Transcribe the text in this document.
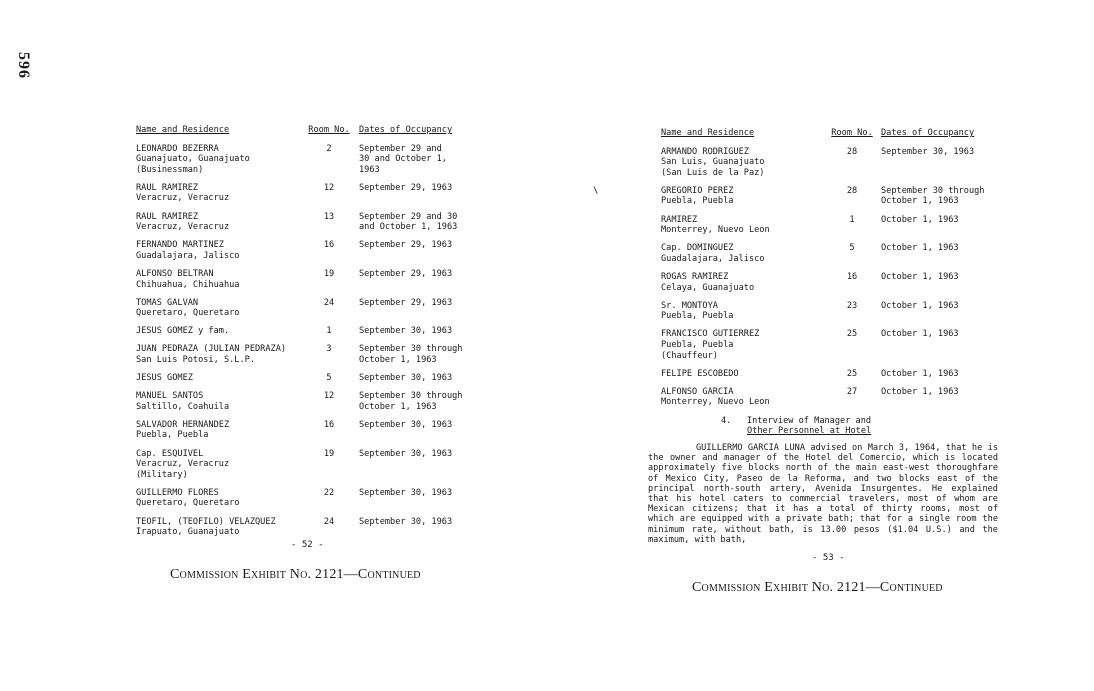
596
Name and Residence	Room No.	Dates of Occupancy
LEONARDO BEZERRA
Guanajuato, Guanajuato
(Businessman)
2	September 29 and
30 and October 1,
1963
RAUL RAMIREZ
Veracruz, Veracruz
12	September 29, 1963
RAUL RAMIREZ
Veracruz, Veracruz
13	September 29 and 30
and October 1, 1963
FERNANDO MARTINEZ
Guadalajara, Jalisco
16	September 29, 1963
ALFONSO BELTRAN
Chihuahua, Chihuahua
19	September 29, 1963
TOMAS GALVAN
Queretaro, Queretaro
24	September 29, 1963
JESUS GOMEZ y fam.	1	September 30, 1963
JUAN PEDRAZA (JULIAN PEDRAZA)
San Luis Potosi, S.L.P.
3	September 30 through
October 1, 1963
JESUS GOMEZ	5	September 30, 1963
MANUEL SANTOS
Saltillo, Coahuila
12	September 30 through
October 1, 1963
SALVADOR HERNANDEZ
Puebla, Puebla
16	September 30, 1963
Cap. ESQUIVEL
Veracruz, Veracruz
(Military)
19	September 30, 1963
GUILLERMO FLORES
Queretaro, Queretaro
22	September 30, 1963
TEOFIL, (TEOFILO) VELAZQUEZ
Irapuato, Guanajuato
24	September 30, 1963
- 52 -
Commission Exhibit No. 2121—Continued
\
Name and Residence	Room No. Dates of Occupancy
ARMANDO RODRIGUEZ
San Luis, Guanajuato
(San Luis de la Paz)
28	September 30, 1963
GREGORIO PEREZ
Puebla, Puebla
28	September 30 through
October 1, 1963
RAMIREZ
Monterrey, Nuevo Leon
1	October 1, 1963
Cap. DOMINGUEZ
Guadalajara, Jalisco
5	October 1, 1963
ROGAS RAMIREZ
Celaya, Guanajuato
16	October 1, 1963
Sr. MONTOYA
Puebla, Puebla
23	October 1, 1963
FRANCISCO GUTIERREZ
Puebla, Puebla
(Chauffeur)
25	October 1, 1963
FELIPE ESCOBEDO	25	October 1, 1963
ALFONSO GARCIA
Monterrey, Nuevo Leon
27	October 1, 1963
4. Interview of Manager and
Other Personnel at Hotel
GUILLERMO GARCIA LUNA advised on March 3, 1964, that he is the owner and manager of the Hotel del Comercio, which is located approximately five blocks north of the main east-west thoroughfare of Mexico City, Paseo de la Reforma, and two blocks east of the principal north-south artery, Avenida Insurgentes. He explained that his hotel caters to commercial travelers, most of whom are Mexican citizens; that it has a total of thirty rooms, most of which are equipped with a private bath; that for a single room the minimum rate, without bath, is 13.00 pesos ($1.04 U.S.) and the maximum, with bath,
- 53 -
Commission Exhibit No. 2121—Continued
